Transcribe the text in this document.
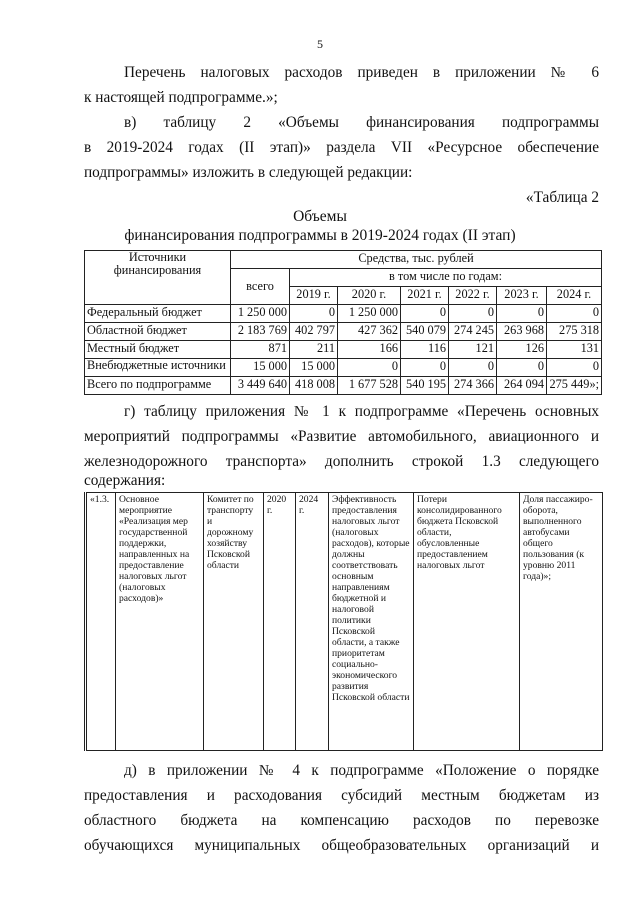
5
Перечень налоговых расходов приведен в приложении № 6
к настоящей подпрограмме.»;
в) таблицу 2 «Объемы финансирования подпрограммы
в 2019-2024 годах (II этап)» раздела VII «Ресурсное обеспечение
подпрограммы» изложить в следующей редакции:
«Таблица 2
Объемы
финансирования подпрограммы в 2019-2024 годах (II этап)
Источники финансирования	Средства, тыс. рублей						
	всего	в том числе по годам:					
		2019 г.	2020 г.	2021 г.	2022 г.	2023 г.	2024 г.
Федеральный бюджет	1 250 000	0	1 250 000	0	0	0	0
Областной бюджет	2 183 769	402 797	427 362	540 079	274 245	263 968	275 318
Местный бюджет	871	211	166	116	121	126	131
Внебюджетные источники	15 000	15 000	0	0	0	0	0
Всего по подпрограмме	3 449 640	418 008	1 677 528	540 195	274 366	264 094	275 449»;
г) таблицу приложения № 1 к подпрограмме «Перечень основных
мероприятий подпрограммы «Развитие автомобильного, авиационного и
железнодорожного транспорта» дополнить строкой 1.3 следующего
содержания:
«1.3.	Основное мероприятие «Реализация мер государственной поддержки, направленных на предоставление налоговых льгот (налоговых расходов)»	Комитет по транспорту и дорожному хозяйству Псковской области	2020 г.	2024 г.	Эффективность предоставления налоговых льгот (налоговых расходов), которые должны соответствовать основным направлениям бюджетной и налоговой политики Псковской области, а также приоритетам социально-экономического развития Псковской области	Потери консолидированного бюджета Псковской области, обусловленные предоставлением налоговых льгот	Доля пассажиро-оборота, выполненного автобусами общего пользования (к уровню 2011 года)»;
д) в приложении № 4 к подпрограмме «Положение о порядке
предоставления и расходования субсидий местным бюджетам из
областного бюджета на компенсацию расходов по перевозке
обучающихся муниципальных общеобразовательных организаций и
